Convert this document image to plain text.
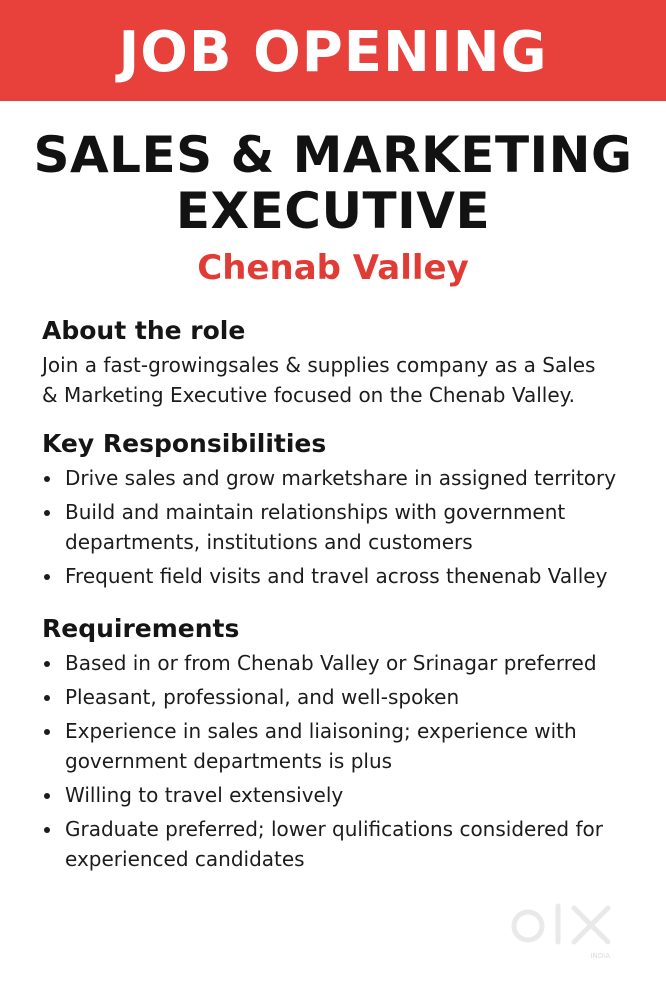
JOB OPENING
SALES & MARKETING
EXECUTIVE
Chenab Valley
About the role
Join a fast-growingsales & supplies company as a Sales
& Marketing Executive focused on the Chenab Valley.
Key Responsibilities
Drive sales and grow marketshare in assigned territory
Build and maintain relationships with government
departments, institutions and customers
Frequent field visits and travel across theɴenab Valley
Requirements
Based in or from Chenab Valley or Srinagar preferred
Pleasant, professional, and well-spoken
Experience in sales and liaisoning; experience with
government departments is plus
Willing to travel extensively
Graduate preferred; lower qulifications considered for
experienced candidates
INDIA
